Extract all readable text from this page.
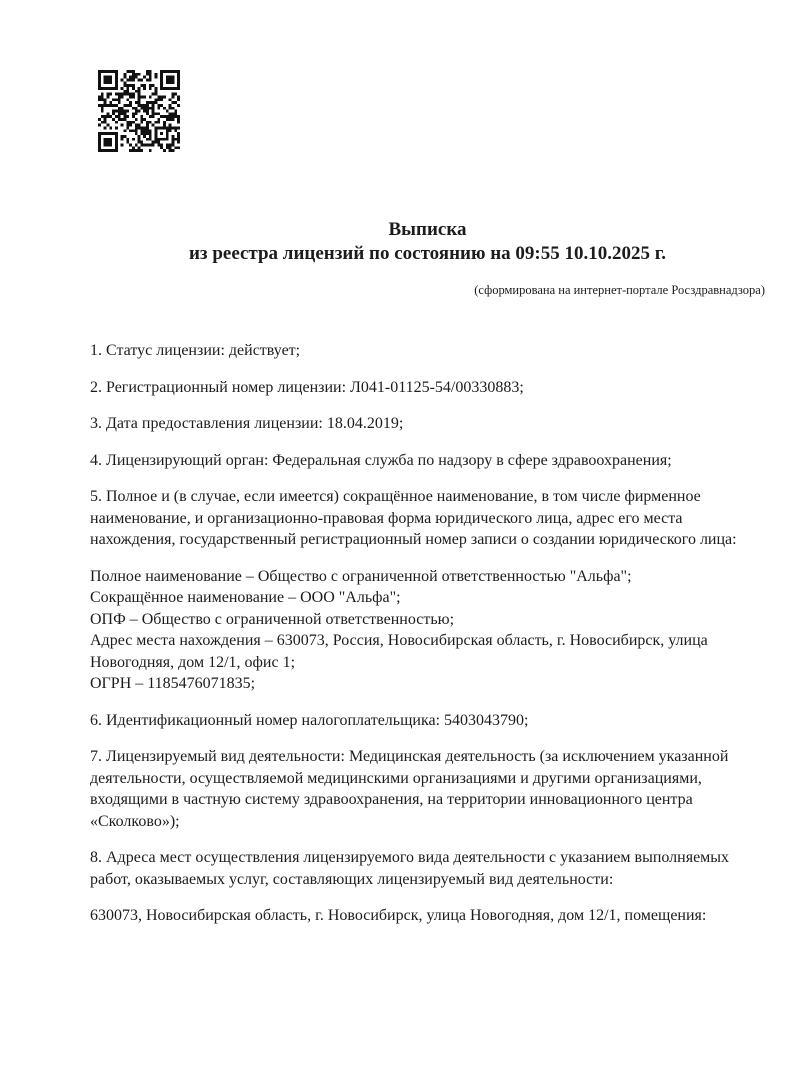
Выписка
из реестра лицензий по состоянию на 09:55 10.10.2025 г.
(сформирована на интернет-портале Росздравнадзора)

1. Статус лицензии: действует;

2. Регистрационный номер лицензии: Л041-01125-54/00330883;

3. Дата предоставления лицензии: 18.04.2019;

4. Лицензирующий орган: Федеральная служба по надзору в сфере здравоохранения;

5. Полное и (в случае, если имеется) сокращённое наименование, в том числе фирменное наименование, и организационно-правовая форма юридического лица, адрес его места нахождения, государственный регистрационный номер записи о создании юридического лица:

Полное наименование – Общество с ограниченной ответственностью "Альфа";
Сокращённое наименование – ООО "Альфа";
ОПФ – Общество с ограниченной ответственностью;
Адрес места нахождения – 630073, Россия, Новосибирская область, г. Новосибирск, улица Новогодняя, дом 12/1, офис 1;
ОГРН – 1185476071835;

6. Идентификационный номер налогоплательщика: 5403043790;

7. Лицензируемый вид деятельности: Медицинская деятельность (за исключением указанной деятельности, осуществляемой медицинскими организациями и другими организациями, входящими в частную систему здравоохранения, на территории инновационного центра «Сколково»);

8. Адреса мест осуществления лицензируемого вида деятельности с указанием выполняемых работ, оказываемых услуг, составляющих лицензируемый вид деятельности:

630073, Новосибирская область, г. Новосибирск, улица Новогодняя, дом 12/1, помещения:
